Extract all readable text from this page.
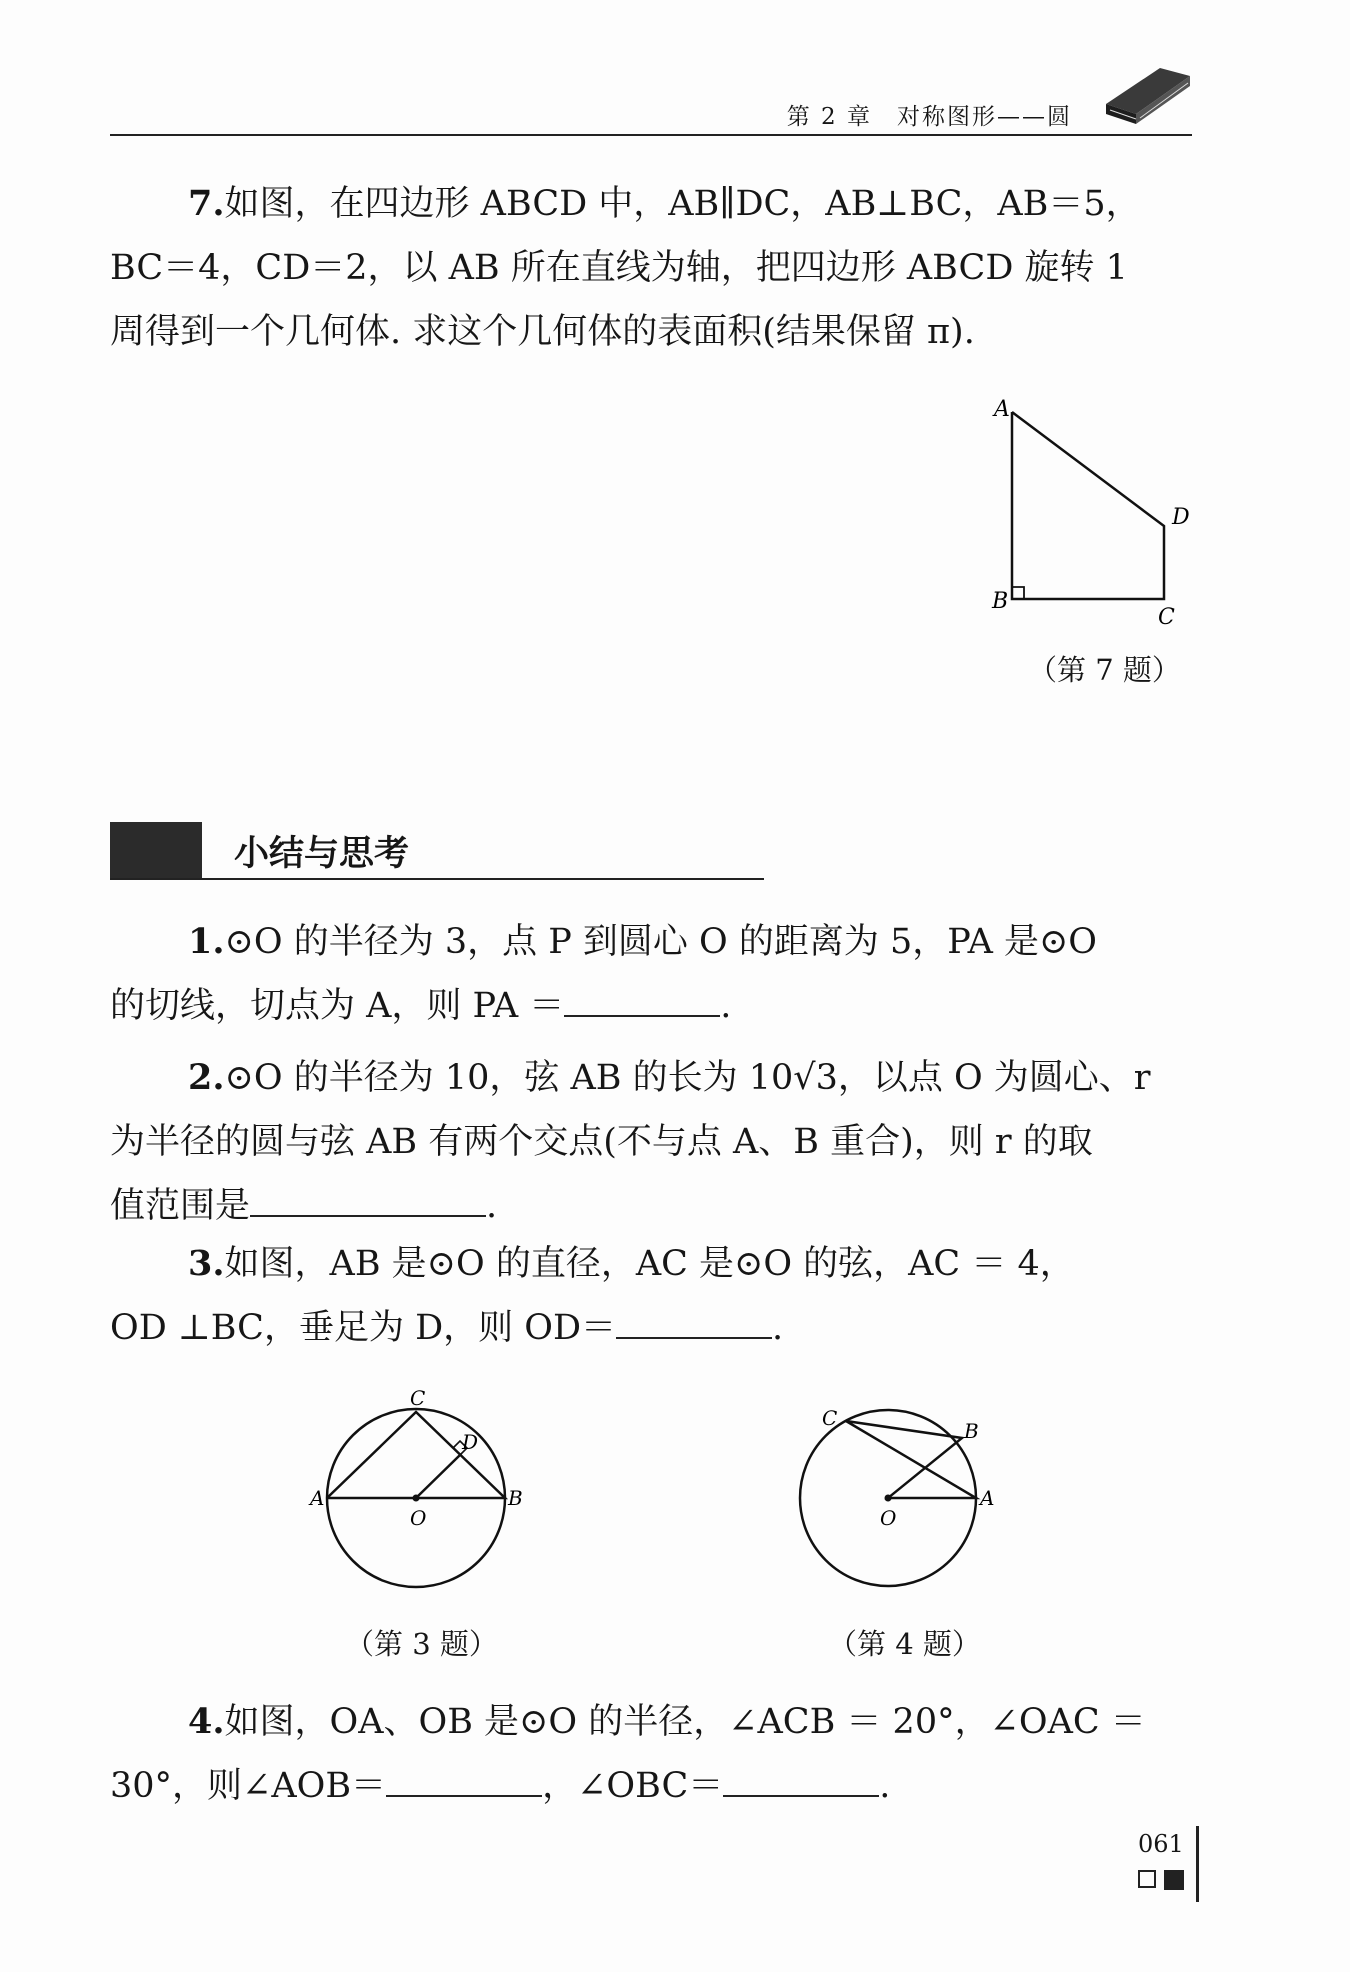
第 2 章　对称图形——圆
7.如图，在四边形 ABCD 中，AB∥DC，AB⊥BC，AB＝5，
BC＝4，CD＝2，以 AB 所在直线为轴，把四边形 ABCD 旋转 1
周得到一个几何体. 求这个几何体的表面积(结果保留 π).
A
B
C
D
（第 7 题）
小结与思考
1.⊙O 的半径为 3，点 P 到圆心 O 的距离为 5，PA 是⊙O
的切线，切点为 A，则 PA ＝	.
2.⊙O 的半径为 10，弦 AB 的长为 10√3，以点 O 为圆心、r
为半径的圆与弦 AB 有两个交点(不与点 A、B 重合)，则 r 的取
值范围是	.
3.如图，AB 是⊙O 的直径，AC 是⊙O 的弦，AC ＝ 4，
OD ⊥BC，垂足为 D，则 OD＝	.
C
D
A	B
O
（第 3 题）
C
B
A
O
（第 4 题）
4.如图，OA、OB 是⊙O 的半径，∠ACB ＝ 20°，∠OAC ＝
30°，则∠AOB＝	，∠OBC＝	.
061
